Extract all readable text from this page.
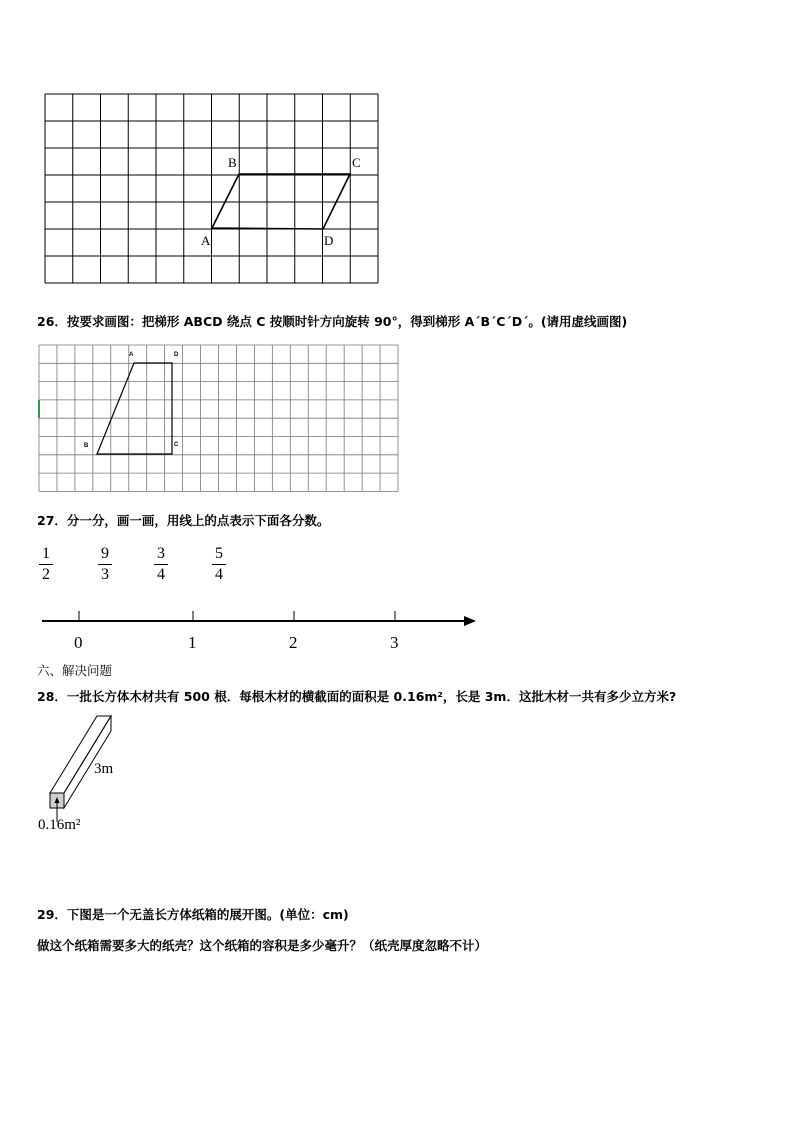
B	C
A	D
26．按要求画图：把梯形 ABCD 绕点 C 按顺时针方向旋转 90°，得到梯形 A´B´C´D´。(请用虚线画图)
A	D
B	C
27．分一分，画一画，用线上的点表示下面各分数。
1
2
9
3
3
4
5
4
0	1	2	3
六、解决问题
28．一批长方体木材共有 500 根．每根木材的横截面的面积是 0.16m²，长是 3m．这批木材一共有多少立方米?
3m
0.16m²
29．下图是一个无盖长方体纸箱的展开图。(单位：cm)
做这个纸箱需要多大的纸壳？这个纸箱的容积是多少毫升？（纸壳厚度忽略不计）
